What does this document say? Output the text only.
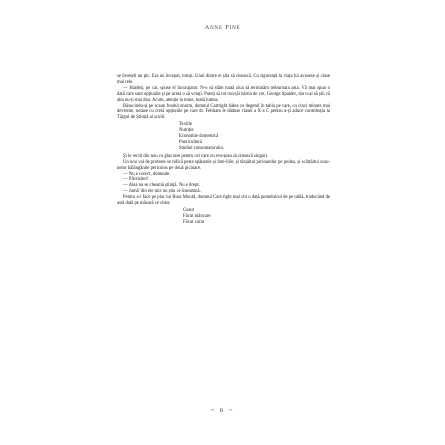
Anne Fine

se învețeli un pic. Era un început, totuși. Unul dintre ei știa să citească. Cu siguranță la viața lui avusese și clase mai rele.

— Haideți, pe cai, spuse el încurajator. N-o să stăm toată ziua să terminăm treburoara asta. Vă mai spun o dată care sunt opțiunile și pe urmă o să votați. Puteți să tot ron-țăi hârtia de vot, George Spalder, dar n-ai să știi că alta nu-ți mai dau. Acum, atenție la mine, toată lumea.

Răsucindu-și pe scaun fundul enorm, domnul Cartright bătea cu degetul în tabla pe care, cu cinci minute mai devreme, notase cu cretă opțiunile pe care dr. Feltham le dăduse clasei a X-a C pentru a-și aduce contribuția la Târgul de Știință al școlii:

Textile
Nutriție
Economie domestică
Puericultură
Studiul consumatorului.

Și le reciti din nou cu glas tare pentru cei care nu reu-șeau să citească singuri.

Un nou val de proteste se ridică peste spătarele și fote-liile, și târșâitul picioarelor pe podea, și scârțâitul scau-nelor bălăngănite periculos pe două picioare.

— Nu e corect, domnule.

— Plictisitor!

— Alea nu se cheamă știință. Nu e drept.

— Jumă' din ele nici nu știu ce înseamnă.

Pentru a-i face pe plac lui Russ Mould, domnul Cart-right mai citi o dată pomelnicul de pe tablă, traducând de astă dată pe măsură ce citea:

Cusut
Făcut mâncare
Făcut curat
~ 6 ~
